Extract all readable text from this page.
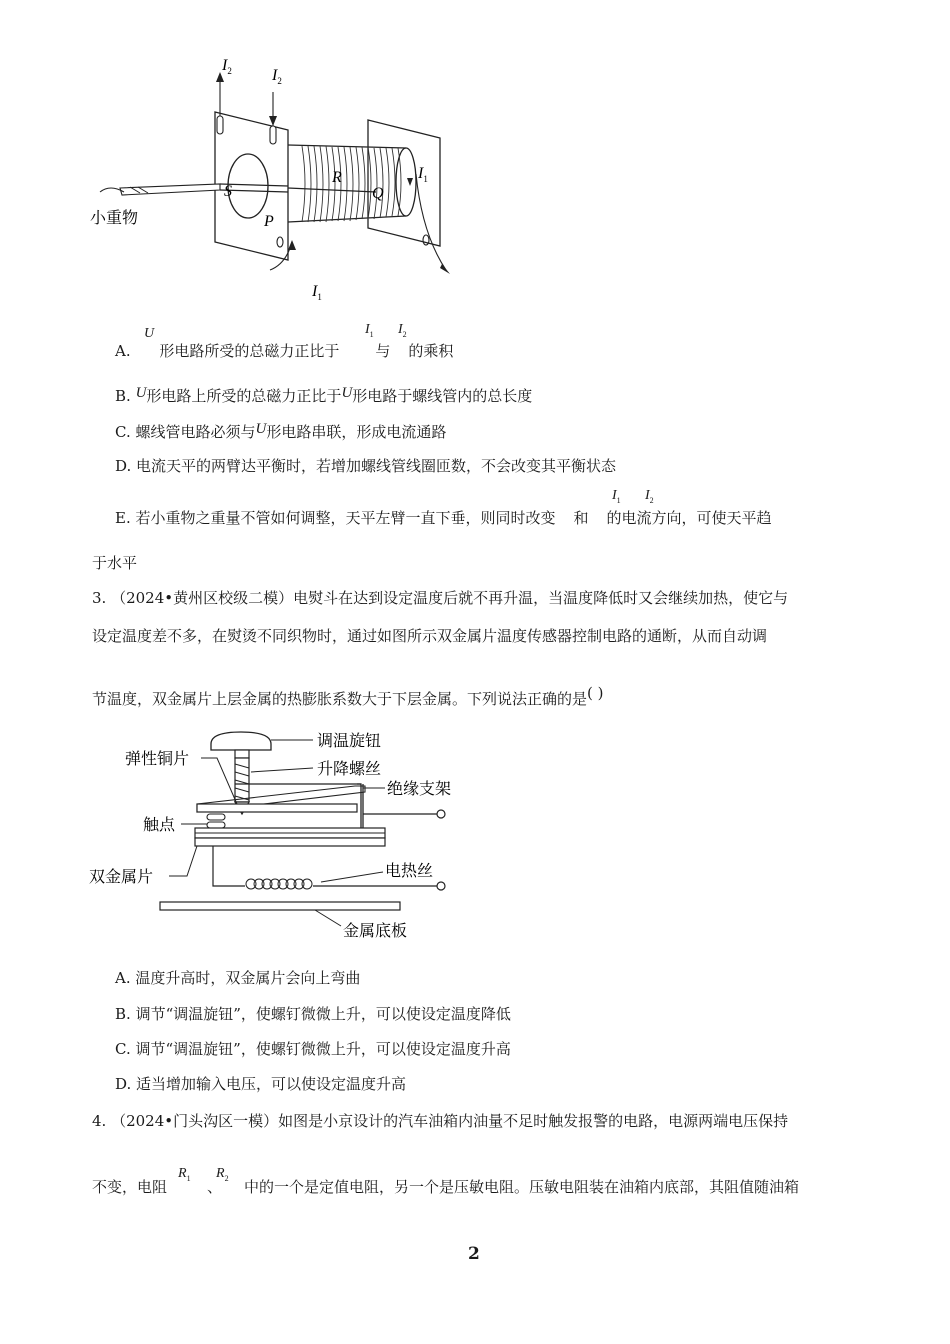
小重物
S
P
R
Q
$I_2$	$I_2$
$I_1$
$I_1$
A. 形电路所受的总磁力正比于 与 的乘积
U	$I_1$ $I_2$
B. U形电路上所受的总磁力正比于U形电路于螺线管内的总长度
C. 螺线管电路必须与U形电路串联，形成电流通路
D. 电流天平的两臂达平衡时，若增加螺线管线圈匝数，不会改变其平衡状态
E. 若小重物之重量不管如何调整，天平左臂一直下垂，则同时改变 和 的电流方向，可使天平趋
$I_1$ $I_2$
于水平
3. （2024•黄州区校级二模）电熨斗在达到设定温度后就不再升温，当温度降低时又会继续加热，使它与
设定温度差不多，在熨烫不同织物时，通过如图所示双金属片温度传感器控制电路的通断，从而自动调
节温度，双金属片上层金属的热膨胀系数大于下层金属。下列说法正确的是( )
调温旋钮
升降螺丝
弹性铜片
绝缘支架
触点
电热丝
双金属片
金属底板
A. 温度升高时，双金属片会向上弯曲
B. 调节“调温旋钮”，使螺钉微微上升，可以使设定温度降低
C. 调节“调温旋钮”，使螺钉微微上升，可以使设定温度升高
D. 适当增加输入电压，可以使设定温度升高
4. （2024•门头沟区一模）如图是小京设计的汽车油箱内油量不足时触发报警的电路，电源两端电压保持
不变，电阻	、 中的一个是定值电阻，另一个是压敏电阻。压敏电阻装在油箱内底部，其阻值随油箱
$R_1$ $R_2$
2
